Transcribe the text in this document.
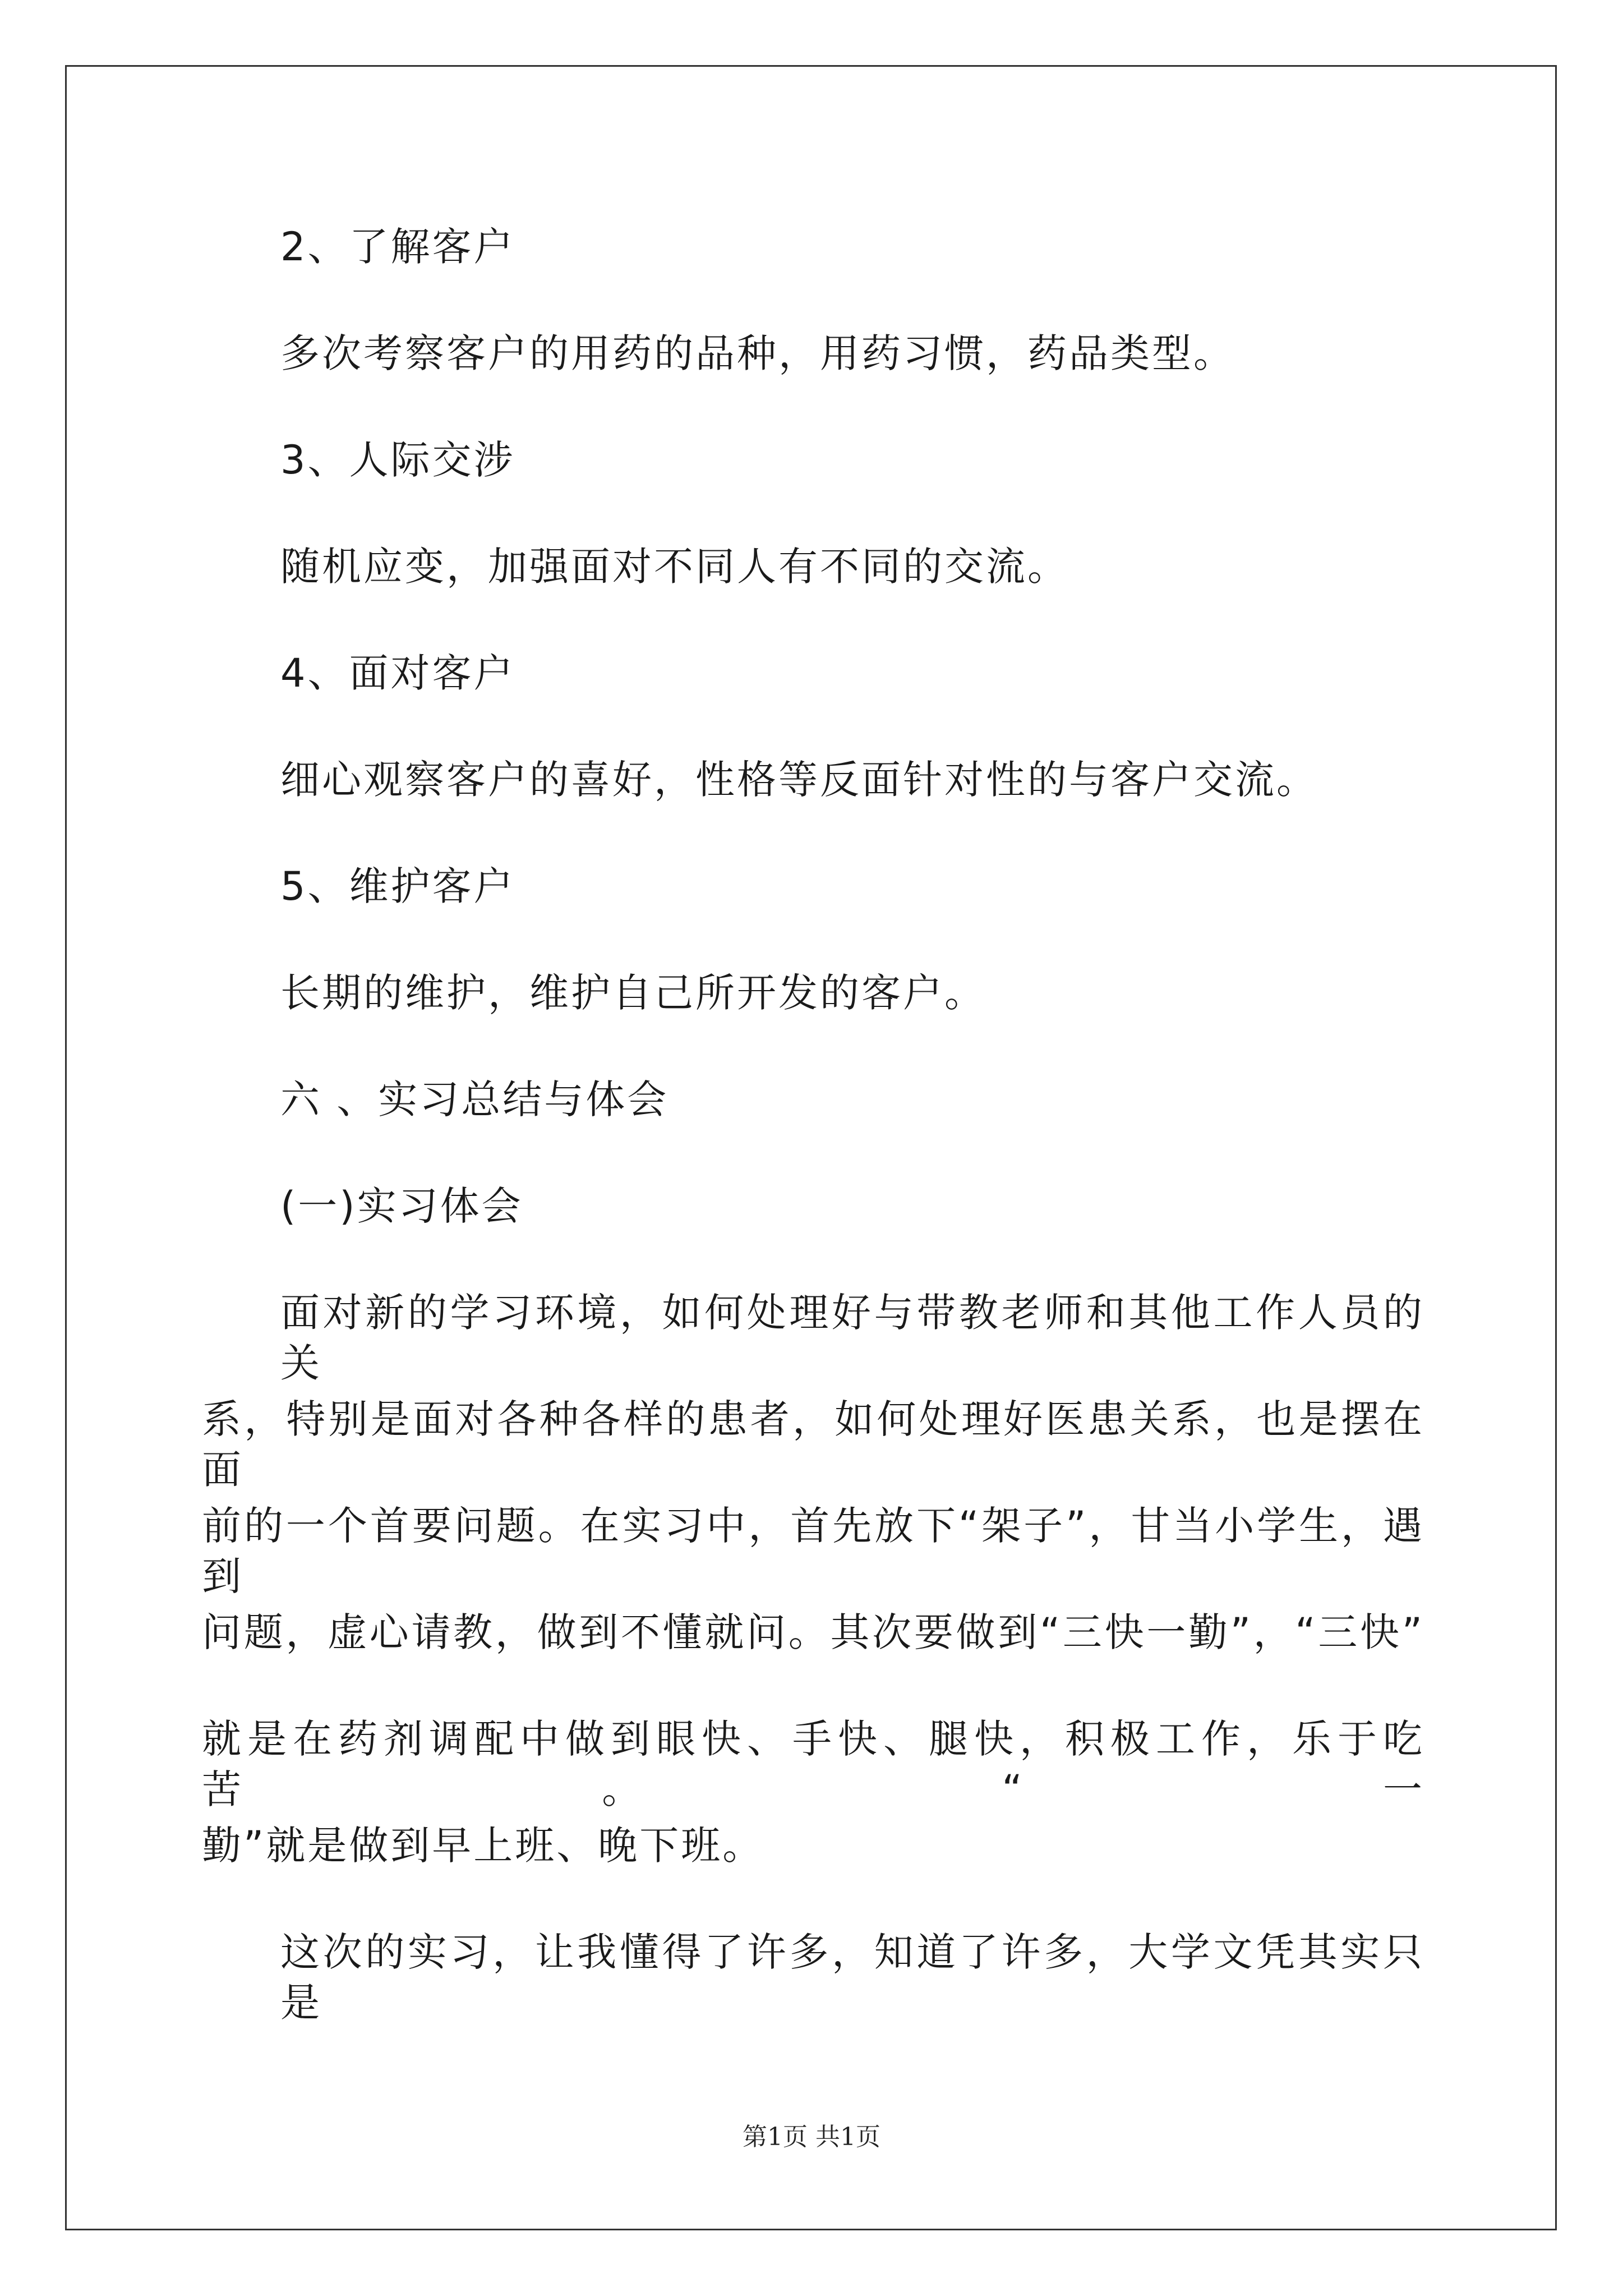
2、了解客户
多次考察客户的用药的品种，用药习惯，药品类型。
3、人际交涉
随机应变，加强面对不同人有不同的交流。
4、面对客户
细心观察客户的喜好，性格等反面针对性的与客户交流。
5、维护客户
长期的维护，维护自己所开发的客户。
六 、实习总结与体会
(一)实习体会
面对新的学习环境，如何处理好与带教老师和其他工作人员的关
系，特别是面对各种各样的患者，如何处理好医患关系，也是摆在面
前的一个首要问题。在实习中，首先放下“架子”，甘当小学生，遇到
问题，虚心请教，做到不懂就问。其次要做到“三快一勤”，“三快”
就是在药剂调配中做到眼快、手快、腿快，积极工作，乐于吃苦。“一
勤”就是做到早上班、晚下班。
这次的实习，让我懂得了许多，知道了许多，大学文凭其实只是
第1页 共1页
